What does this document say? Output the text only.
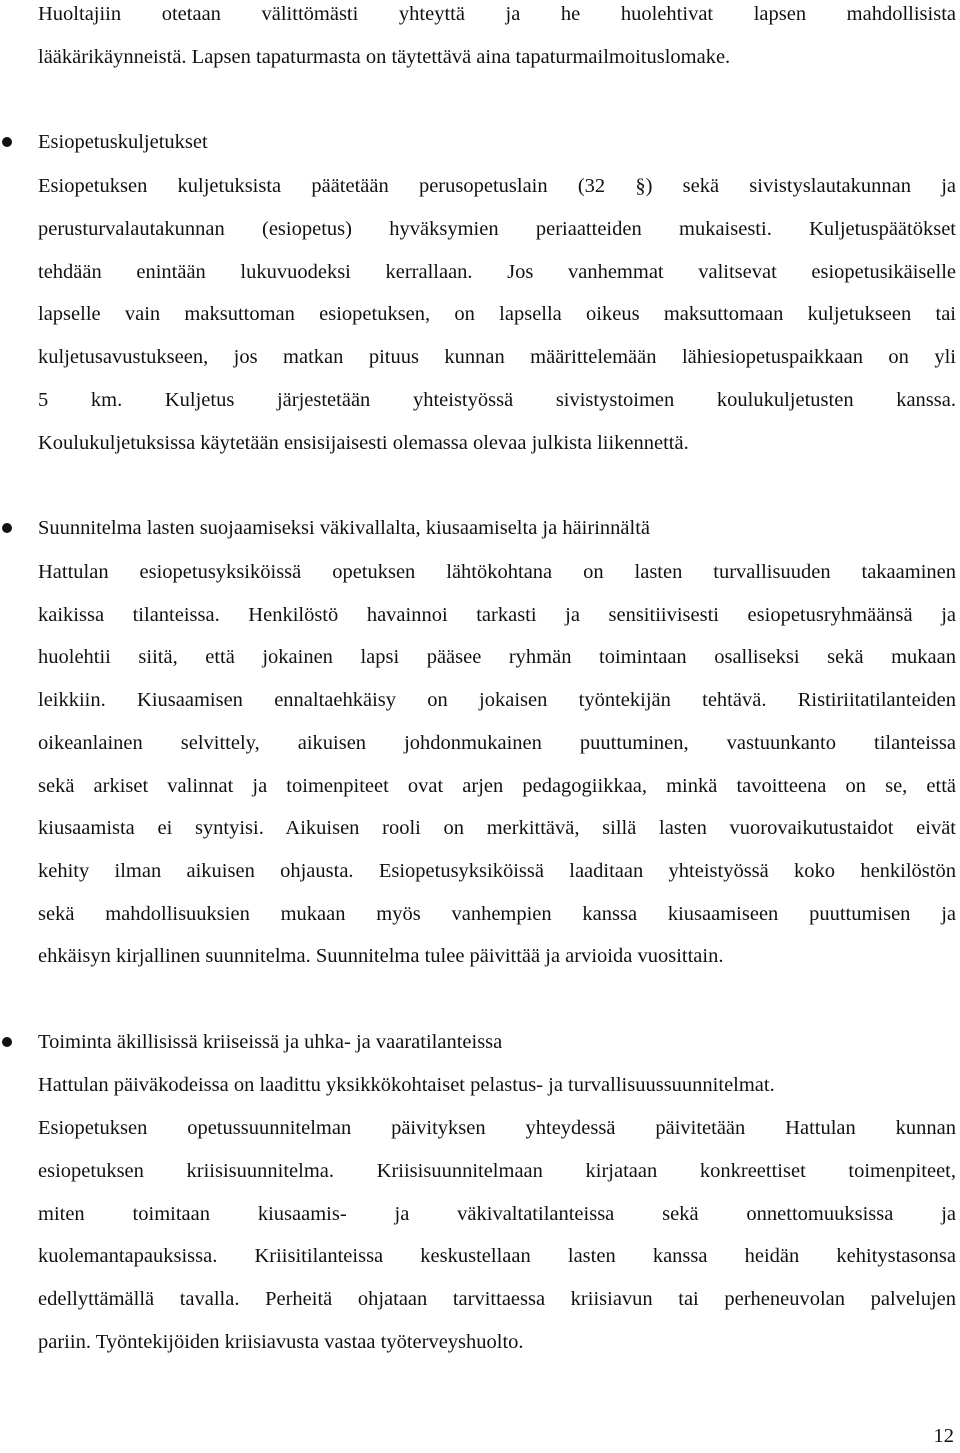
Huoltajiin otetaan välittömästi yhteyttä ja he huolehtivat lapsen mahdollisista
lääkärikäynneistä. Lapsen tapaturmasta on täytettävä aina tapaturmailmoituslomake.
Esiopetuskuljetukset
Esiopetuksen kuljetuksista päätetään perusopetuslain (32 §) sekä sivistyslautakunnan ja
perusturvalautakunnan (esiopetus) hyväksymien periaatteiden mukaisesti. Kuljetuspäätökset
tehdään enintään lukuvuodeksi kerrallaan. Jos vanhemmat valitsevat esiopetusikäiselle
lapselle vain maksuttoman esiopetuksen, on lapsella oikeus maksuttomaan kuljetukseen tai
kuljetusavustukseen, jos matkan pituus kunnan määrittelemään lähiesiopetuspaikkaan on yli
5 km. Kuljetus järjestetään yhteistyössä sivistystoimen koulukuljetusten kanssa.
Koulukuljetuksissa käytetään ensisijaisesti olemassa olevaa julkista liikennettä.
Suunnitelma lasten suojaamiseksi väkivallalta, kiusaamiselta ja häirinnältä
Hattulan esiopetusyksiköissä opetuksen lähtökohtana on lasten turvallisuuden takaaminen
kaikissa tilanteissa. Henkilöstö havainnoi tarkasti ja sensitiivisesti esiopetusryhmäänsä ja
huolehtii siitä, että jokainen lapsi pääsee ryhmän toimintaan osalliseksi sekä mukaan
leikkiin. Kiusaamisen ennaltaehkäisy on jokaisen työntekijän tehtävä. Ristiriitatilanteiden
oikeanlainen selvittely, aikuisen johdonmukainen puuttuminen, vastuunkanto tilanteissa
sekä arkiset valinnat ja toimenpiteet ovat arjen pedagogiikkaa, minkä tavoitteena on se, että
kiusaamista ei syntyisi. Aikuisen rooli on merkittävä, sillä lasten vuorovaikutustaidot eivät
kehity ilman aikuisen ohjausta. Esiopetusyksiköissä laaditaan yhteistyössä koko henkilöstön
sekä mahdollisuuksien mukaan myös vanhempien kanssa kiusaamiseen puuttumisen ja
ehkäisyn kirjallinen suunnitelma. Suunnitelma tulee päivittää ja arvioida vuosittain.
Toiminta äkillisissä kriiseissä ja uhka- ja vaaratilanteissa
Hattulan päiväkodeissa on laadittu yksikkökohtaiset pelastus- ja turvallisuussuunnitelmat.
Esiopetuksen opetussuunnitelman päivityksen yhteydessä päivitetään Hattulan kunnan
esiopetuksen kriisisuunnitelma. Kriisisuunnitelmaan kirjataan konkreettiset toimenpiteet,
miten toimitaan kiusaamis- ja väkivaltatilanteissa sekä onnettomuuksissa ja
kuolemantapauksissa. Kriisitilanteissa keskustellaan lasten kanssa heidän kehitystasonsa
edellyttämällä tavalla. Perheitä ohjataan tarvittaessa kriisiavun tai perheneuvolan palvelujen
pariin. Työntekijöiden kriisiavusta vastaa työterveyshuolto.
12
